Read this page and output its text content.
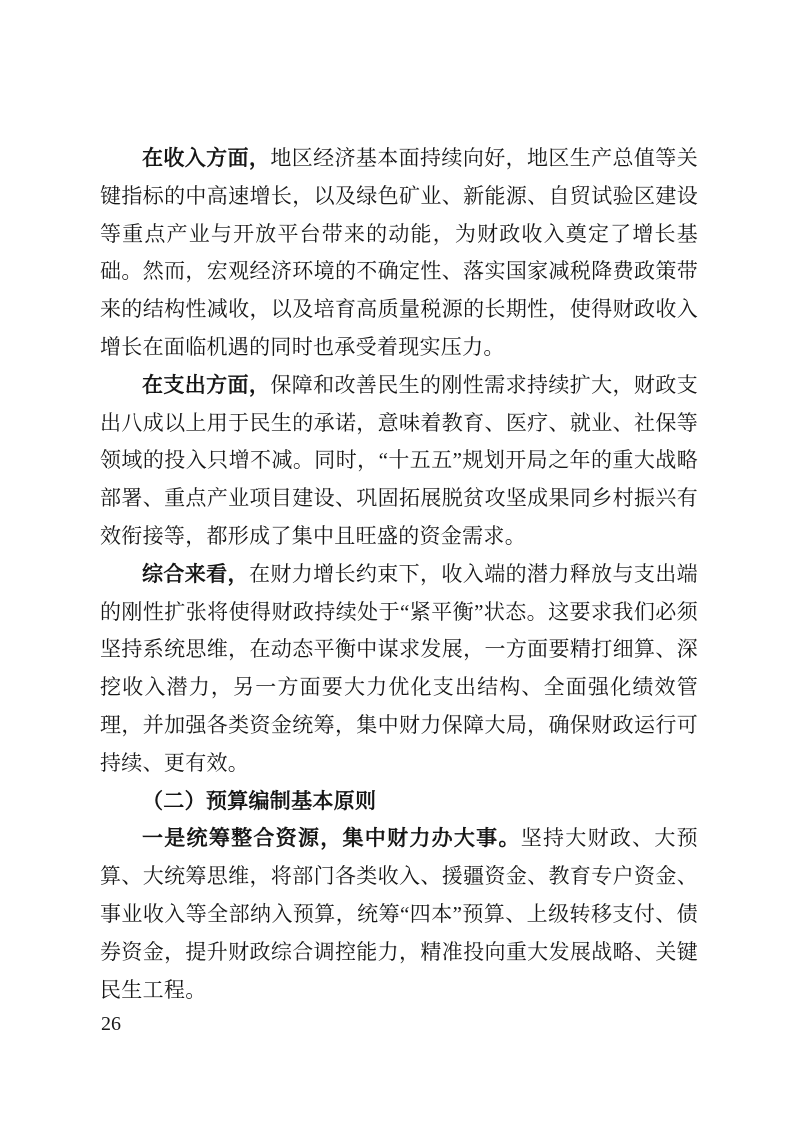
在收入方面，地区经济基本面持续向好，地区生产总值等关键指标的中高速增长，以及绿色矿业、新能源、自贸试验区建设等重点产业与开放平台带来的动能，为财政收入奠定了增长基础。然而，宏观经济环境的不确定性、落实国家减税降费政策带来的结构性减收，以及培育高质量税源的长期性，使得财政收入增长在面临机遇的同时也承受着现实压力。

在支出方面，保障和改善民生的刚性需求持续扩大，财政支出八成以上用于民生的承诺，意味着教育、医疗、就业、社保等领域的投入只增不减。同时，“十五五”规划开局之年的重大战略部署、重点产业项目建设、巩固拓展脱贫攻坚成果同乡村振兴有效衔接等，都形成了集中且旺盛的资金需求。

综合来看，在财力增长约束下，收入端的潜力释放与支出端的刚性扩张将使得财政持续处于“紧平衡”状态。这要求我们必须坚持系统思维，在动态平衡中谋求发展，一方面要精打细算、深挖收入潜力，另一方面要大力优化支出结构、全面强化绩效管理，并加强各类资金统筹，集中财力保障大局，确保财政运行可持续、更有效。

（二）预算编制基本原则

一是统筹整合资源，集中财力办大事。坚持大财政、大预算、大统筹思维，将部门各类收入、援疆资金、教育专户资金、事业收入等全部纳入预算，统筹“四本”预算、上级转移支付、债券资金，提升财政综合调控能力，精准投向重大发展战略、关键民生工程。

26
